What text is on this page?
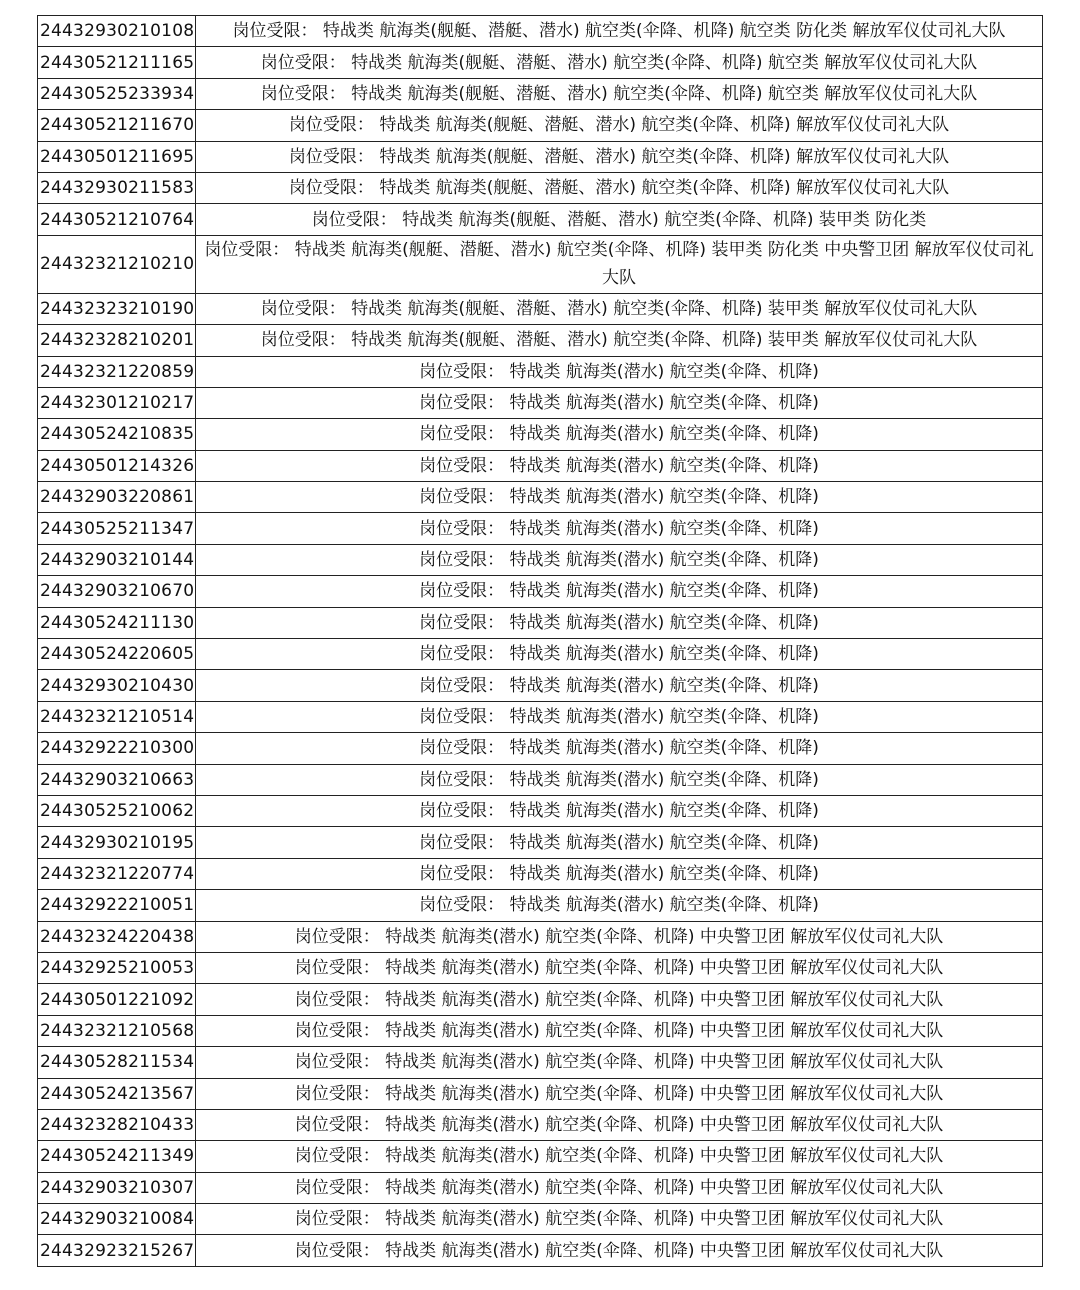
24432930210108	岗位受限： 特战类 航海类(舰艇、潜艇、潜水) 航空类(伞降、机降) 航空类 防化类 解放军仪仗司礼大队
24430521211165	岗位受限： 特战类 航海类(舰艇、潜艇、潜水) 航空类(伞降、机降) 航空类 解放军仪仗司礼大队
24430525233934	岗位受限： 特战类 航海类(舰艇、潜艇、潜水) 航空类(伞降、机降) 航空类 解放军仪仗司礼大队
24430521211670	岗位受限： 特战类 航海类(舰艇、潜艇、潜水) 航空类(伞降、机降) 解放军仪仗司礼大队
24430501211695	岗位受限： 特战类 航海类(舰艇、潜艇、潜水) 航空类(伞降、机降) 解放军仪仗司礼大队
24432930211583	岗位受限： 特战类 航海类(舰艇、潜艇、潜水) 航空类(伞降、机降) 解放军仪仗司礼大队
24430521210764	岗位受限： 特战类 航海类(舰艇、潜艇、潜水) 航空类(伞降、机降) 装甲类 防化类
24432321210210	岗位受限： 特战类 航海类(舰艇、潜艇、潜水) 航空类(伞降、机降) 装甲类 防化类 中央警卫团 解放军仪仗司礼大队
24432323210190	岗位受限： 特战类 航海类(舰艇、潜艇、潜水) 航空类(伞降、机降) 装甲类 解放军仪仗司礼大队
24432328210201	岗位受限： 特战类 航海类(舰艇、潜艇、潜水) 航空类(伞降、机降) 装甲类 解放军仪仗司礼大队
24432321220859	岗位受限： 特战类 航海类(潜水) 航空类(伞降、机降)
24432301210217	岗位受限： 特战类 航海类(潜水) 航空类(伞降、机降)
24430524210835	岗位受限： 特战类 航海类(潜水) 航空类(伞降、机降)
24430501214326	岗位受限： 特战类 航海类(潜水) 航空类(伞降、机降)
24432903220861	岗位受限： 特战类 航海类(潜水) 航空类(伞降、机降)
24430525211347	岗位受限： 特战类 航海类(潜水) 航空类(伞降、机降)
24432903210144	岗位受限： 特战类 航海类(潜水) 航空类(伞降、机降)
24432903210670	岗位受限： 特战类 航海类(潜水) 航空类(伞降、机降)
24430524211130	岗位受限： 特战类 航海类(潜水) 航空类(伞降、机降)
24430524220605	岗位受限： 特战类 航海类(潜水) 航空类(伞降、机降)
24432930210430	岗位受限： 特战类 航海类(潜水) 航空类(伞降、机降)
24432321210514	岗位受限： 特战类 航海类(潜水) 航空类(伞降、机降)
24432922210300	岗位受限： 特战类 航海类(潜水) 航空类(伞降、机降)
24432903210663	岗位受限： 特战类 航海类(潜水) 航空类(伞降、机降)
24430525210062	岗位受限： 特战类 航海类(潜水) 航空类(伞降、机降)
24432930210195	岗位受限： 特战类 航海类(潜水) 航空类(伞降、机降)
24432321220774	岗位受限： 特战类 航海类(潜水) 航空类(伞降、机降)
24432922210051	岗位受限： 特战类 航海类(潜水) 航空类(伞降、机降)
24432324220438	岗位受限： 特战类 航海类(潜水) 航空类(伞降、机降) 中央警卫团 解放军仪仗司礼大队
24432925210053	岗位受限： 特战类 航海类(潜水) 航空类(伞降、机降) 中央警卫团 解放军仪仗司礼大队
24430501221092	岗位受限： 特战类 航海类(潜水) 航空类(伞降、机降) 中央警卫团 解放军仪仗司礼大队
24432321210568	岗位受限： 特战类 航海类(潜水) 航空类(伞降、机降) 中央警卫团 解放军仪仗司礼大队
24430528211534	岗位受限： 特战类 航海类(潜水) 航空类(伞降、机降) 中央警卫团 解放军仪仗司礼大队
24430524213567	岗位受限： 特战类 航海类(潜水) 航空类(伞降、机降) 中央警卫团 解放军仪仗司礼大队
24432328210433	岗位受限： 特战类 航海类(潜水) 航空类(伞降、机降) 中央警卫团 解放军仪仗司礼大队
24430524211349	岗位受限： 特战类 航海类(潜水) 航空类(伞降、机降) 中央警卫团 解放军仪仗司礼大队
24432903210307	岗位受限： 特战类 航海类(潜水) 航空类(伞降、机降) 中央警卫团 解放军仪仗司礼大队
24432903210084	岗位受限： 特战类 航海类(潜水) 航空类(伞降、机降) 中央警卫团 解放军仪仗司礼大队
24432923215267	岗位受限： 特战类 航海类(潜水) 航空类(伞降、机降) 中央警卫团 解放军仪仗司礼大队
